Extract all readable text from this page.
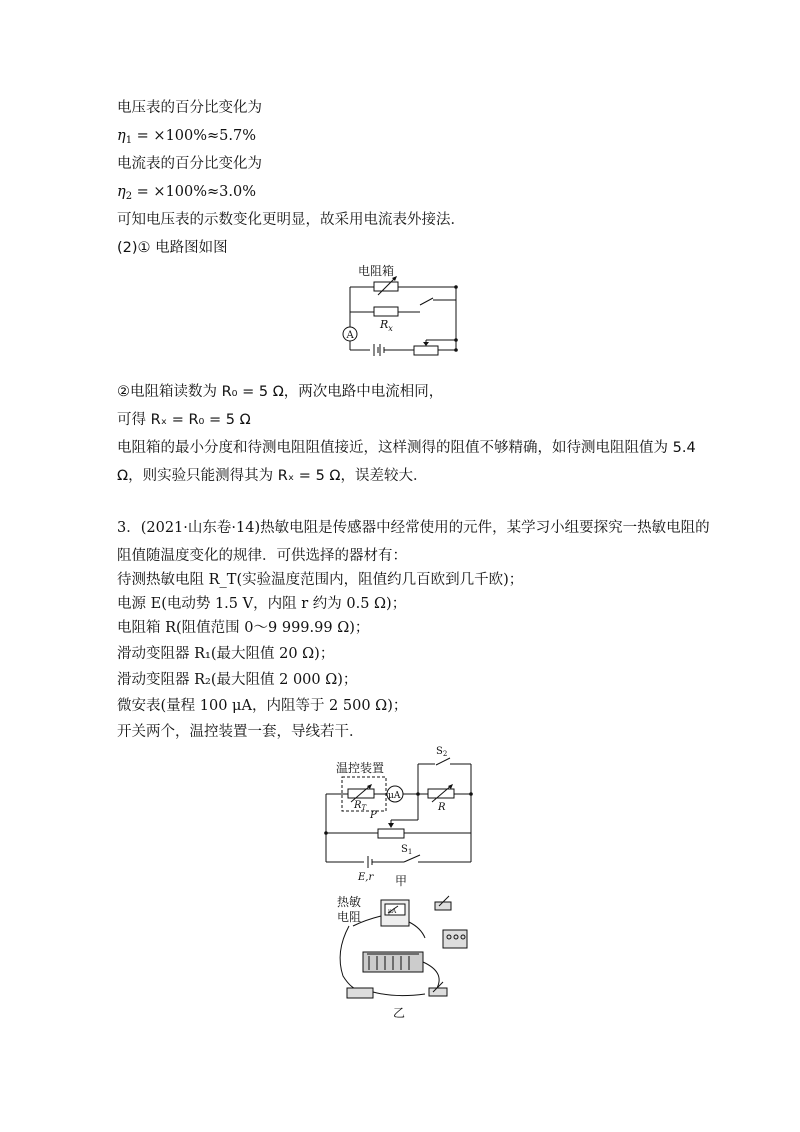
电压表的百分比变化为
$\eta_1 = \times 100\%\approx 5.7\%$
电流表的百分比变化为
$\eta_2 = \times 100\%\approx 3.0\%$
可知电压表的示数变化更明显，故采用电流表外接法．
(2)① 电路图如图
电阻箱
$R_x$
A
②电阻箱读数为 R₀ = 5 Ω，两次电路中电流相同，
可得 Rₓ = R₀ = 5 Ω
电阻箱的最小分度和待测电阻阻值接近，这样测得的阻值不够精确，如待测电阻阻值为 5.4
Ω，则实验只能测得其为 Rₓ = 5 Ω，误差较大．
3．(2021·山东卷·14)热敏电阻是传感器中经常使用的元件，某学习小组要探究一热敏电阻的
阻值随温度变化的规律．可供选择的器材有：
待测热敏电阻 R_T(实验温度范围内，阻值约几百欧到几千欧)；
电源 E(电动势 1.5 V，内阻 r 约为 0.5 Ω)；
电阻箱 R(阻值范围 0～9 999.99 Ω)；
滑动变阻器 R₁(最大阻值 20 Ω)；
滑动变阻器 R₂(最大阻值 2 000 Ω)；
微安表(量程 100 μA，内阻等于 2 500 Ω)；
开关两个，温控装置一套，导线若干．
温控装置
$R_T$
μA
R
$S_2$
P
$S_1$
E,r 甲
热敏
电阻	μA
乙
